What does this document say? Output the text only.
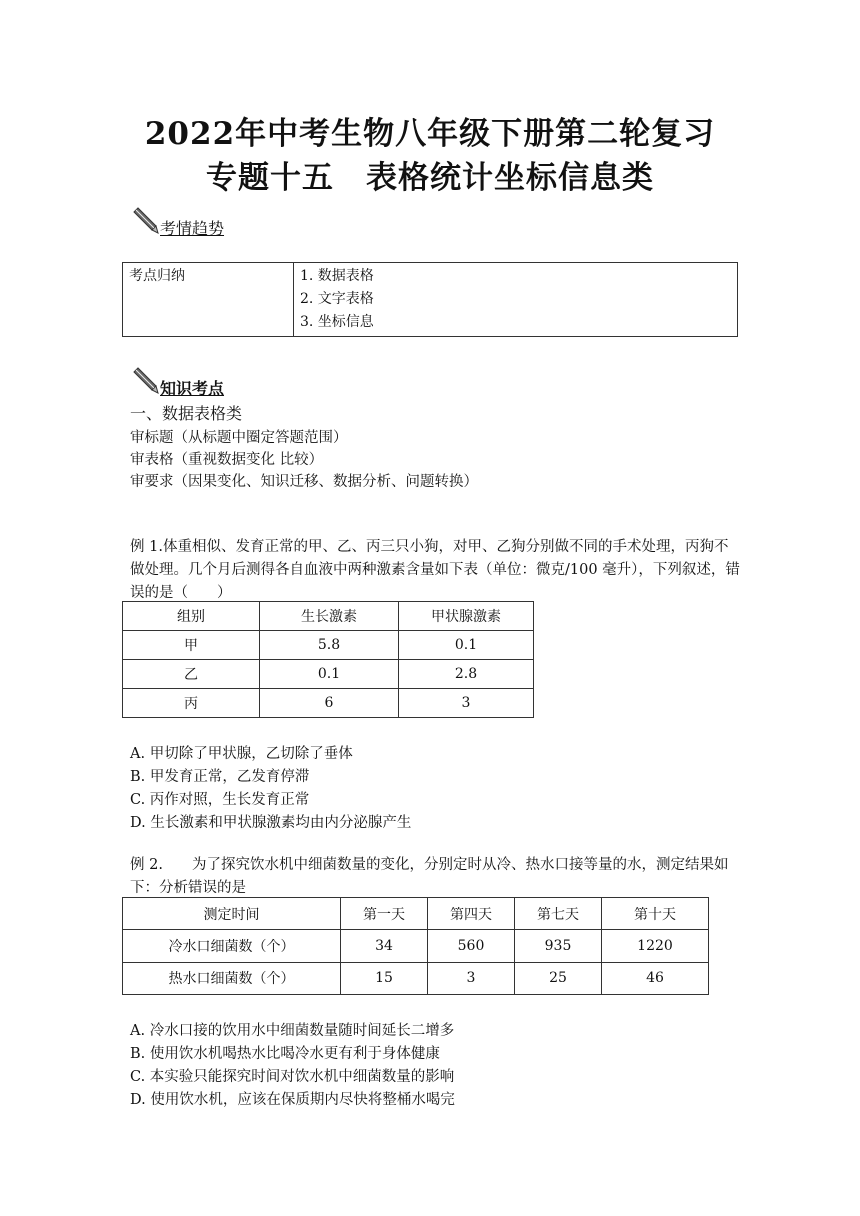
2022年中考生物八年级下册第二轮复习
专题十五　表格统计坐标信息类
考情趋势
考点归纳	1. 数据表格
2. 文字表格
3. 坐标信息
知识考点
一、数据表格类
审标题（从标题中圈定答题范围）
审表格（重视数据变化 比较）
审要求（因果变化、知识迁移、数据分析、问题转换）
例 1.体重相似、发育正常的甲、乙、丙三只小狗，对甲、乙狗分别做不同的手术处理，丙狗不做处理。几个月后测得各自血液中两种激素含量如下表（单位：微克/100 毫升），下列叙述，错误的是（　　）
组别	生长激素	甲状腺激素
甲	5.8	0.1
乙	0.1	2.8
丙	6	3
A. 甲切除了甲状腺，乙切除了垂体
B. 甲发育正常，乙发育停滞
C. 丙作对照，生长发育正常
D. 生长激素和甲状腺激素均由内分泌腺产生
例 2.　　为了探究饮水机中细菌数量的变化，分别定时从冷、热水口接等量的水，测定结果如下：分析错误的是
测定时间	第一天	第四天	第七天	第十天
冷水口细菌数（个）	34	560	935	1220
热水口细菌数（个）	15	3	25	46
A. 冷水口接的饮用水中细菌数量随时间延长二增多
B. 使用饮水机喝热水比喝冷水更有利于身体健康
C. 本实验只能探究时间对饮水机中细菌数量的影响
D. 使用饮水机，应该在保质期内尽快将整桶水喝完
